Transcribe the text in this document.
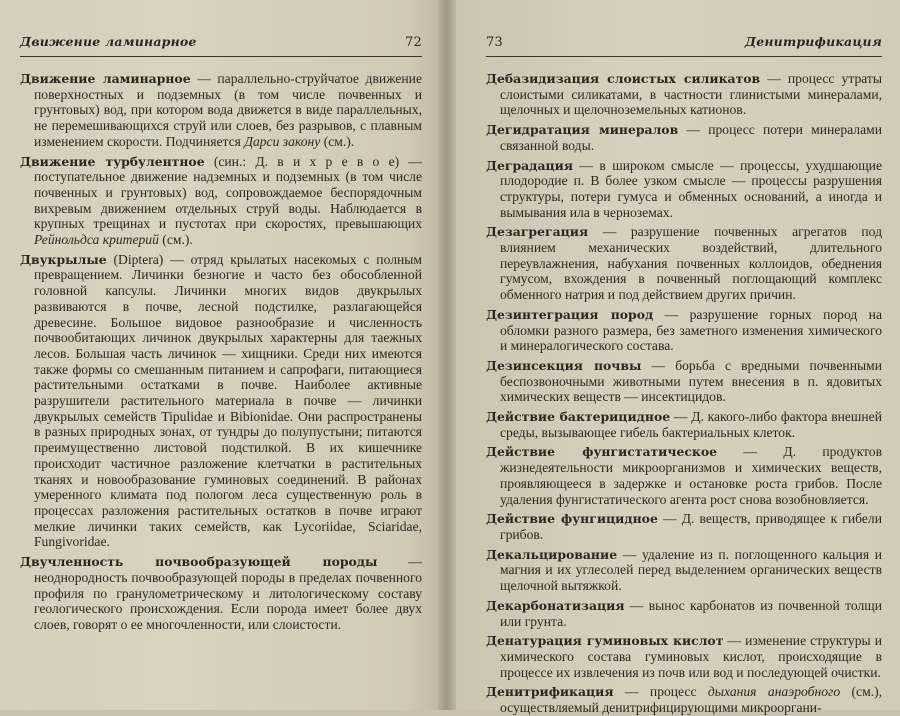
Движение ламинарное	72

Движение ламинарное — параллельно-струйчатое движение поверхностных и подземных (в том числе почвенных и грунтовых) вод, при котором вода движется в виде параллельных, не перемешивающихся струй или слоев, без разрывов, с плавным изменением скорости. Подчиняется Дарси закону (см.).

Движение турбулентное (син.: Д. в и х р е в о е) — поступательное движение надземных и подземных (в том числе почвенных и грунтовых) вод, сопровождаемое беспорядочным вихревым движением отдельных струй воды. Наблюдается в крупных трещинах и пустотах при скоростях, превышающих Рейнольдса критерий (см.).

Двукрылые (Diptera) — отряд крылатых насекомых с полным превращением. Личинки безногие и часто без обособленной головной капсулы. Личинки многих видов двукрылых развиваются в почве, лесной подстилке, разлагающейся древесине. Большое видовое разнообразие и численность почвообитающих личинок двукрылых характерны для таежных лесов. Большая часть личинок — хищники. Среди них имеются также формы со смешанным питанием и сапрофаги, питающиеся растительными остатками в почве. Наиболее активные разрушители растительного материала в почве — личинки двукрылых семейств Tipulidae и Bibionidae. Они распространены в разных природных зонах, от тундры до полупустыни; питаются преимущественно листовой подстилкой. В их кишечнике происходит частичное разложение клетчатки в растительных тканях и новообразование гуминовых соединений. В районах умеренного климата под пологом леса существенную роль в процессах разложения растительных остатков в почве играют мелкие личинки таких семейств, как Lycoriidae, Sciaridae, Fungivoridae.

Двучленность почвообразующей породы — неоднородность почвообразующей породы в пределах почвенного профиля по гранулометрическому и литологическому составу геологического происхождения. Если порода имеет более двух слоев, говорят о ее многочленности, или слоистости.

73	Денитрификация

Дебазидизация слоистых силикатов — процесс утраты слоистыми силикатами, в частности глинистыми минералами, щелочных и щелочноземельных катионов.

Дегидратация минералов — процесс потери минералами связанной воды.

Деградация — в широком смысле — процессы, ухудшающие плодородие п. В более узком смысле — процессы разрушения структуры, потери гумуса и обменных оснований, а иногда и вымывания ила в черноземах.

Дезагрегация — разрушение почвенных агрегатов под влиянием механических воздействий, длительного переувлажнения, набухания почвенных коллоидов, обеднения гумусом, вхождения в почвенный поглощающий комплекс обменного натрия и под действием других причин.

Дезинтеграция пород — разрушение горных пород на обломки разного размера, без заметного изменения химического и минералогического состава.

Дезинсекция почвы — борьба с вредными почвенными беспозвоночными животными путем внесения в п. ядовитых химических веществ — инсектицидов.

Действие бактерицидное — Д. какого-либо фактора внешней среды, вызывающее гибель бактериальных клеток.

Действие фунгистатическое — Д. продуктов жизнедеятельности микроорганизмов и химических веществ, проявляющееся в задержке и остановке роста грибов. После удаления фунгистатического агента рост снова возобновляется.

Действие фунгицидное — Д. веществ, приводящее к гибели грибов.

Декальцирование — удаление из п. поглощенного кальция и магния и их углесолей перед выделением органических веществ щелочной вытяжкой.

Декарбонатизация — вынос карбонатов из почвенной толщи или грунта.

Денатурация гуминовых кислот — изменение структуры и химического состава гуминовых кислот, происходящие в процессе их извлечения из почв или вод и последующей очистки.

Денитрификация — процесс дыхания анаэробного (см.), осуществляемый денитрифицирующими микрооргани-
